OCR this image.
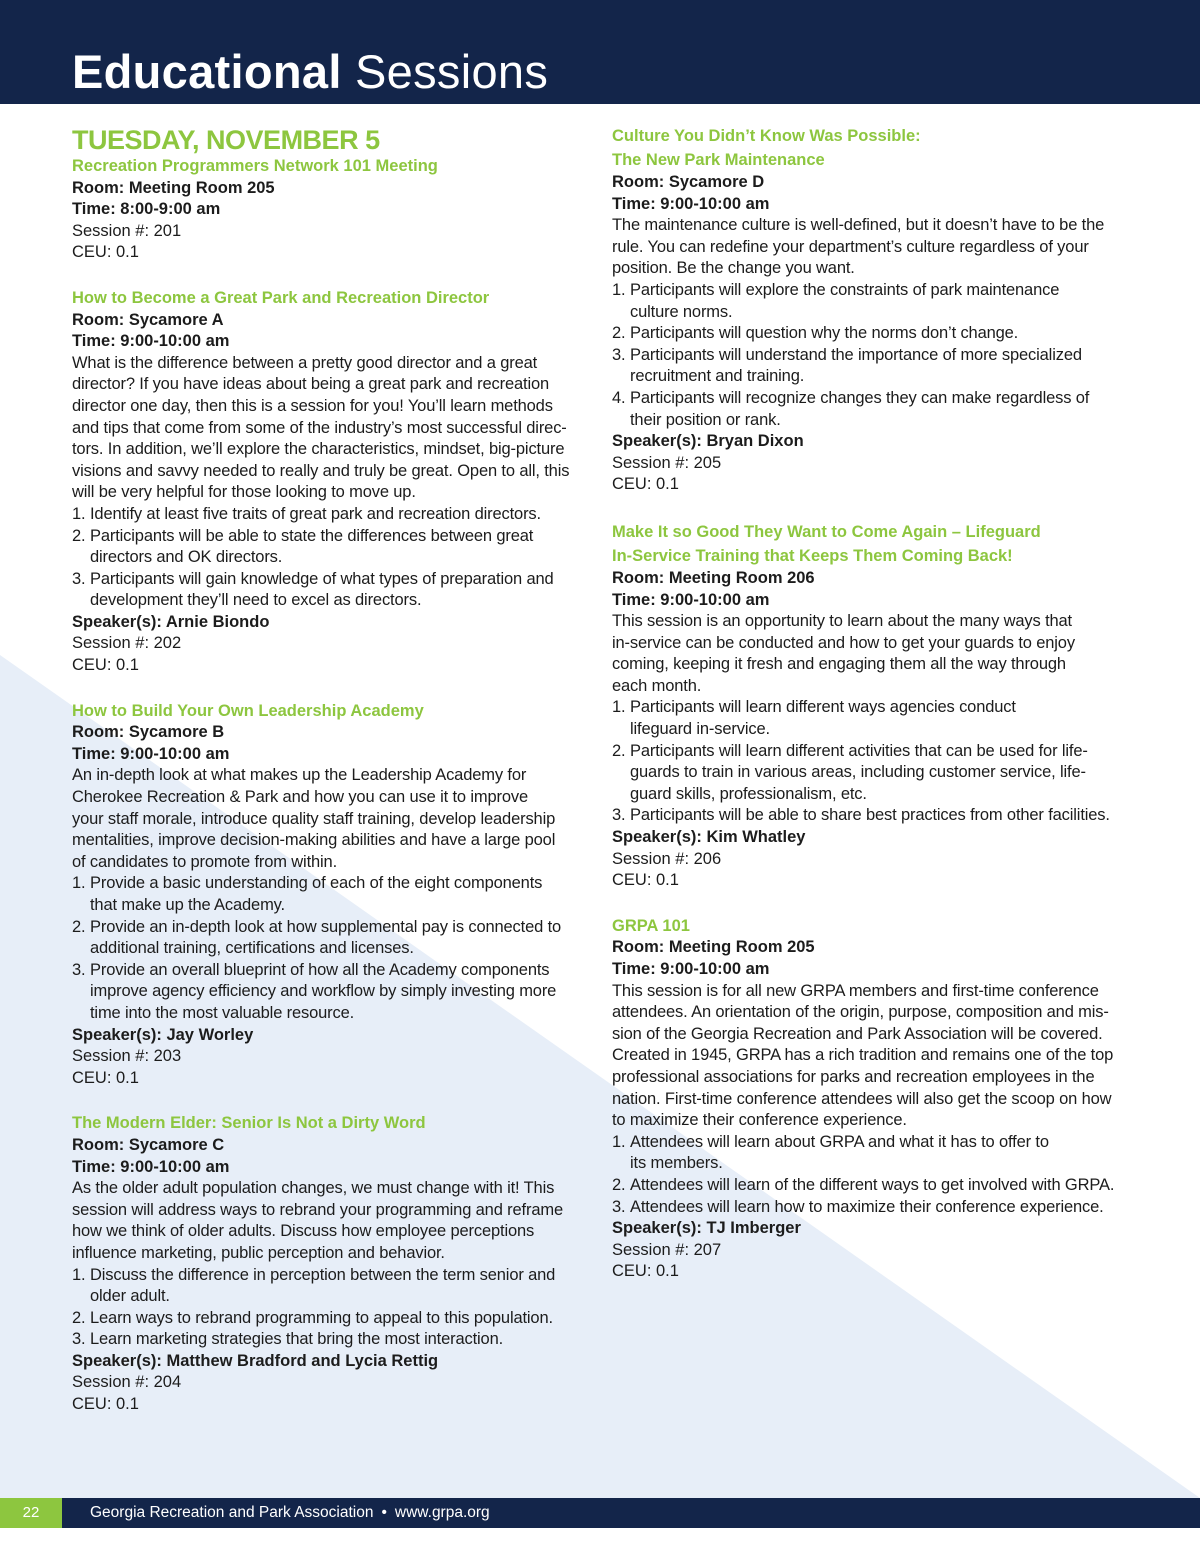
Educational Sessions

TUESDAY, NOVEMBER 5

Recreation Programmers Network 101 Meeting

Room: Meeting Room 205

Time: 8:00-9:00 am

Session #: 201

CEU: 0.1

How to Become a Great Park and Recreation Director

Room: Sycamore A

Time: 9:00-10:00 am

What is the difference between a pretty good director and a great
director? If you have ideas about being a great park and recreation
director one day, then this is a session for you! You’ll learn methods
and tips that come from some of the industry’s most successful direc-
tors. In addition, we’ll explore the characteristics, mindset, big-picture
visions and savvy needed to really and truly be great. Open to all, this
will be very helpful for those looking to move up.

1. Identify at least five traits of great park and recreation directors.
2. Participants will be able to state the differences between great
directors and OK directors.
3. Participants will gain knowledge of what types of preparation and
development they’ll need to excel as directors.

Speaker(s): Arnie Biondo

Session #: 202

CEU: 0.1

How to Build Your Own Leadership Academy

Room: Sycamore B

Time: 9:00-10:00 am

An in-depth look at what makes up the Leadership Academy for
Cherokee Recreation & Park and how you can use it to improve
your staff morale, introduce quality staff training, develop leadership
mentalities, improve decision-making abilities and have a large pool
of candidates to promote from within.

1. Provide a basic understanding of each of the eight components
that make up the Academy.
2. Provide an in-depth look at how supplemental pay is connected to
additional training, certifications and licenses.
3. Provide an overall blueprint of how all the Academy components
improve agency efficiency and workflow by simply investing more
time into the most valuable resource.

Speaker(s): Jay Worley

Session #: 203

CEU: 0.1

The Modern Elder: Senior Is Not a Dirty Word

Room: Sycamore C

Time: 9:00-10:00 am

As the older adult population changes, we must change with it! This
session will address ways to rebrand your programming and reframe
how we think of older adults. Discuss how employee perceptions
influence marketing, public perception and behavior.

1. Discuss the difference in perception between the term senior and
older adult.
2. Learn ways to rebrand programming to appeal to this population.
3. Learn marketing strategies that bring the most interaction.

Speaker(s): Matthew Bradford and Lycia Rettig

Session #: 204

CEU: 0.1

Culture You Didn’t Know Was Possible:
The New Park Maintenance

Room: Sycamore D

Time: 9:00-10:00 am

The maintenance culture is well-defined, but it doesn’t have to be the
rule. You can redefine your department’s culture regardless of your
position. Be the change you want.

1. Participants will explore the constraints of park maintenance
culture norms.
2. Participants will question why the norms don’t change.
3. Participants will understand the importance of more specialized
recruitment and training.
4. Participants will recognize changes they can make regardless of
their position or rank.

Speaker(s): Bryan Dixon

Session #: 205

CEU: 0.1

Make It so Good They Want to Come Again – Lifeguard
In-Service Training that Keeps Them Coming Back!

Room: Meeting Room 206

Time: 9:00-10:00 am

This session is an opportunity to learn about the many ways that
in-service can be conducted and how to get your guards to enjoy
coming, keeping it fresh and engaging them all the way through
each month.

1. Participants will learn different ways agencies conduct
lifeguard in-service.
2. Participants will learn different activities that can be used for life-
guards to train in various areas, including customer service, life-
guard skills, professionalism, etc.
3. Participants will be able to share best practices from other facilities.

Speaker(s): Kim Whatley

Session #: 206

CEU: 0.1

GRPA 101

Room: Meeting Room 205

Time: 9:00-10:00 am

This session is for all new GRPA members and first-time conference
attendees. An orientation of the origin, purpose, composition and mis-
sion of the Georgia Recreation and Park Association will be covered.
Created in 1945, GRPA has a rich tradition and remains one of the top
professional associations for parks and recreation employees in the
nation. First-time conference attendees will also get the scoop on how
to maximize their conference experience.

1. Attendees will learn about GRPA and what it has to offer to
its members.
2. Attendees will learn of the different ways to get involved with GRPA.
3. Attendees will learn how to maximize their conference experience.

Speaker(s): TJ Imberger

Session #: 207

CEU: 0.1

22	Georgia Recreation and Park Association • www.grpa.org
